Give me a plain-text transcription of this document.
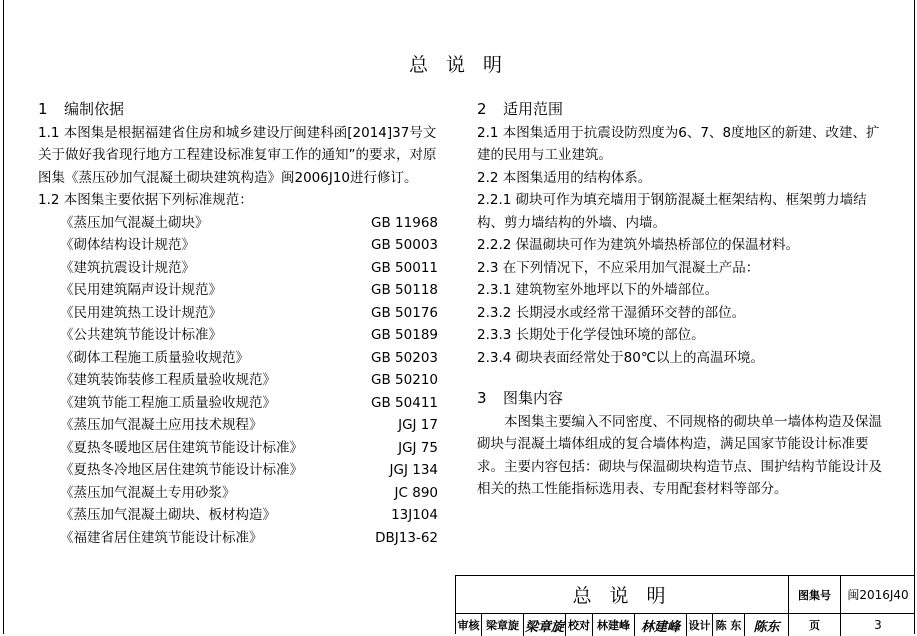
总 说 明
1 编制依据
1.1 本图集是根据福建省住房和城乡建设厅闽建科函[2014]37号文 关于做好我省现行地方工程建设标准复审工作的通知”的要求，对原图集《蒸压砂加气混凝土砌块建筑构造》闽2006J10进行修订。
1.2 本图集主要依据下列标准规范：
《蒸压加气混凝土砌块》	GB 11968
《砌体结构设计规范》	GB 50003
《建筑抗震设计规范》	GB 50011
《民用建筑隔声设计规范》	GB 50118
《民用建筑热工设计规范》	GB 50176
《公共建筑节能设计标准》	GB 50189
《砌体工程施工质量验收规范》	GB 50203
《建筑装饰装修工程质量验收规范》	GB 50210
《建筑节能工程施工质量验收规范》	GB 50411
《蒸压加气混凝土应用技术规程》	JGJ 17
《夏热冬暖地区居住建筑节能设计标准》	JGJ 75
《夏热冬冷地区居住建筑节能设计标准》	JGJ 134
《蒸压加气混凝土专用砂浆》	JC 890
《蒸压加气混凝土砌块、板材构造》	13J104
《福建省居住建筑节能设计标准》	DBJ13-62
2 适用范围
2.1 本图集适用于抗震设防烈度为6、7、8度地区的新建、改建、扩建的民用与工业建筑。
2.2 本图集适用的结构体系。
2.2.1 砌块可作为填充墙用于钢筋混凝土框架结构、框架剪力墙结构、剪力墙结构的外墙、内墙。
2.2.2 保温砌块可作为建筑外墙热桥部位的保温材料。
2.3 在下列情况下，不应采用加气混凝土产品：
2.3.1 建筑物室外地坪以下的外墙部位。
2.3.2 长期浸水或经常干湿循环交替的部位。
2.3.3 长期处于化学侵蚀环境的部位。
2.3.4 砌块表面经常处于80℃以上的高温环境。
3 图集内容
本图集主要编入不同密度、不同规格的砌块单一墙体构造及保温砌块与混凝土墙体组成的复合墙体构造，满足国家节能设计标准要求。主要内容包括：砌块与保温砌块构造节点、围护结构节能设计及相关的热工性能指标选用表、专用配套材料等部分。
总 说 明	图集号	闽2016J40
审核 梁章旋 梁章旋 校对 林建峰 林建峰 设计 陈 东 陈东	页	3
